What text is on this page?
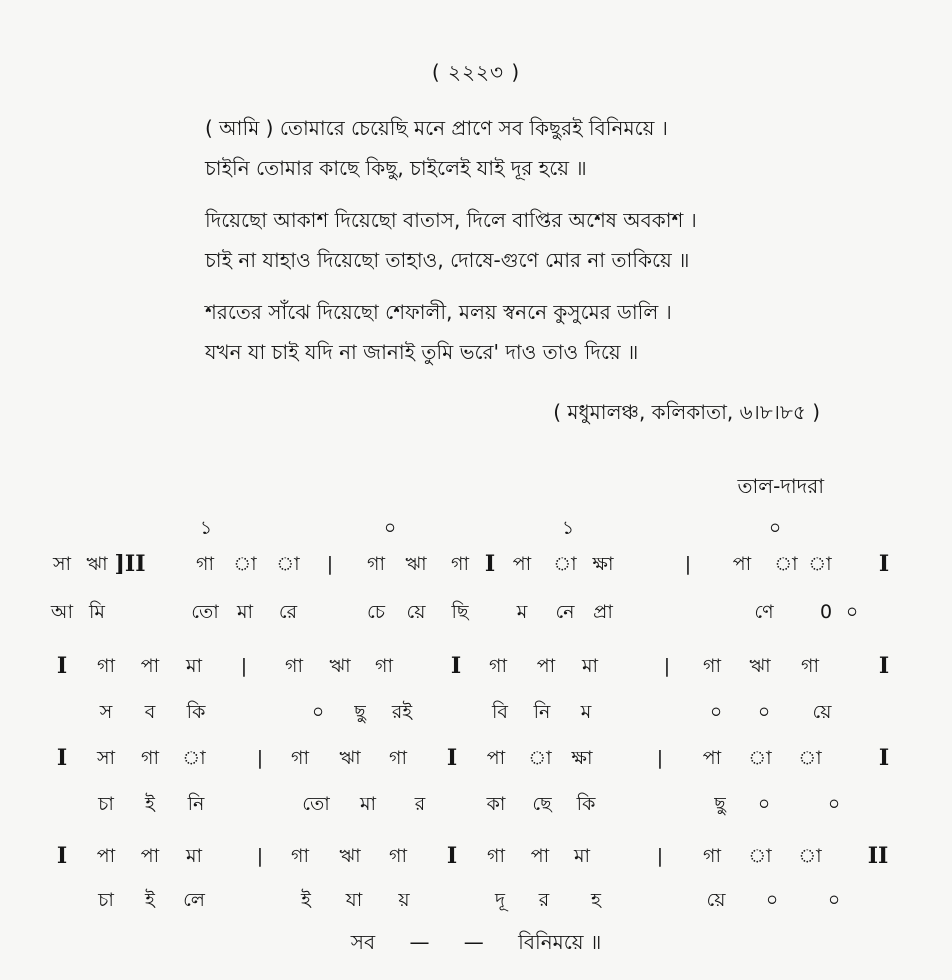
( ২২২৩ )
( আমি ) তোমারে চেয়েছি মনে প্রাণে সব কিছুরই বিনিময়ে ।
চাইনি তোমার কাছে কিছু, চাইলেই যাই দূর হয়ে ॥
দিয়েছো আকাশ দিয়েছো বাতাস, দিলে বাপ্তির অশেষ অবকাশ ।
চাই না যাহাও দিয়েছো তাহাও, দোষে-গুণে মোর না তাকিয়ে ॥
শরতের সাঁঝে দিয়েছো শেফালী, মলয় স্বননে কুসুমের ডালি ।
যখন যা চাই যদি না জানাই তুমি ভরে' দাও তাও দিয়ে ॥
( মধুমালঞ্চ, কলিকাতা, ৬।৮।৮৫ )
তাল-দাদরা
১	০	১	০
সা ঋা ]II	গা া া | গা ঋা গা I পা া ক্ষা	| পা া া I
আ মি	তো মা রে	চে য়ে ছি	ম নে প্রা	ণে 0 ০
I গা পা মা | গা ঋা গা	I গা পা মা	| গা ঋা গা	I
স ব কি	০ ছু রই	বি নি ম	০ ০ য়ে
I সা গা া	| গা ঋা গা I পা া ক্ষা	| পা া া	I
চা ই নি	তো মা র	কা ছে কি	ছু ০	০
I পা পা মা	| গা ঋা গা I গা পা মা	| গা া া II
চা ই লে	ই যা য়	দূ র হ	য়ে ০	০
সব — — বিনিময়ে ॥
